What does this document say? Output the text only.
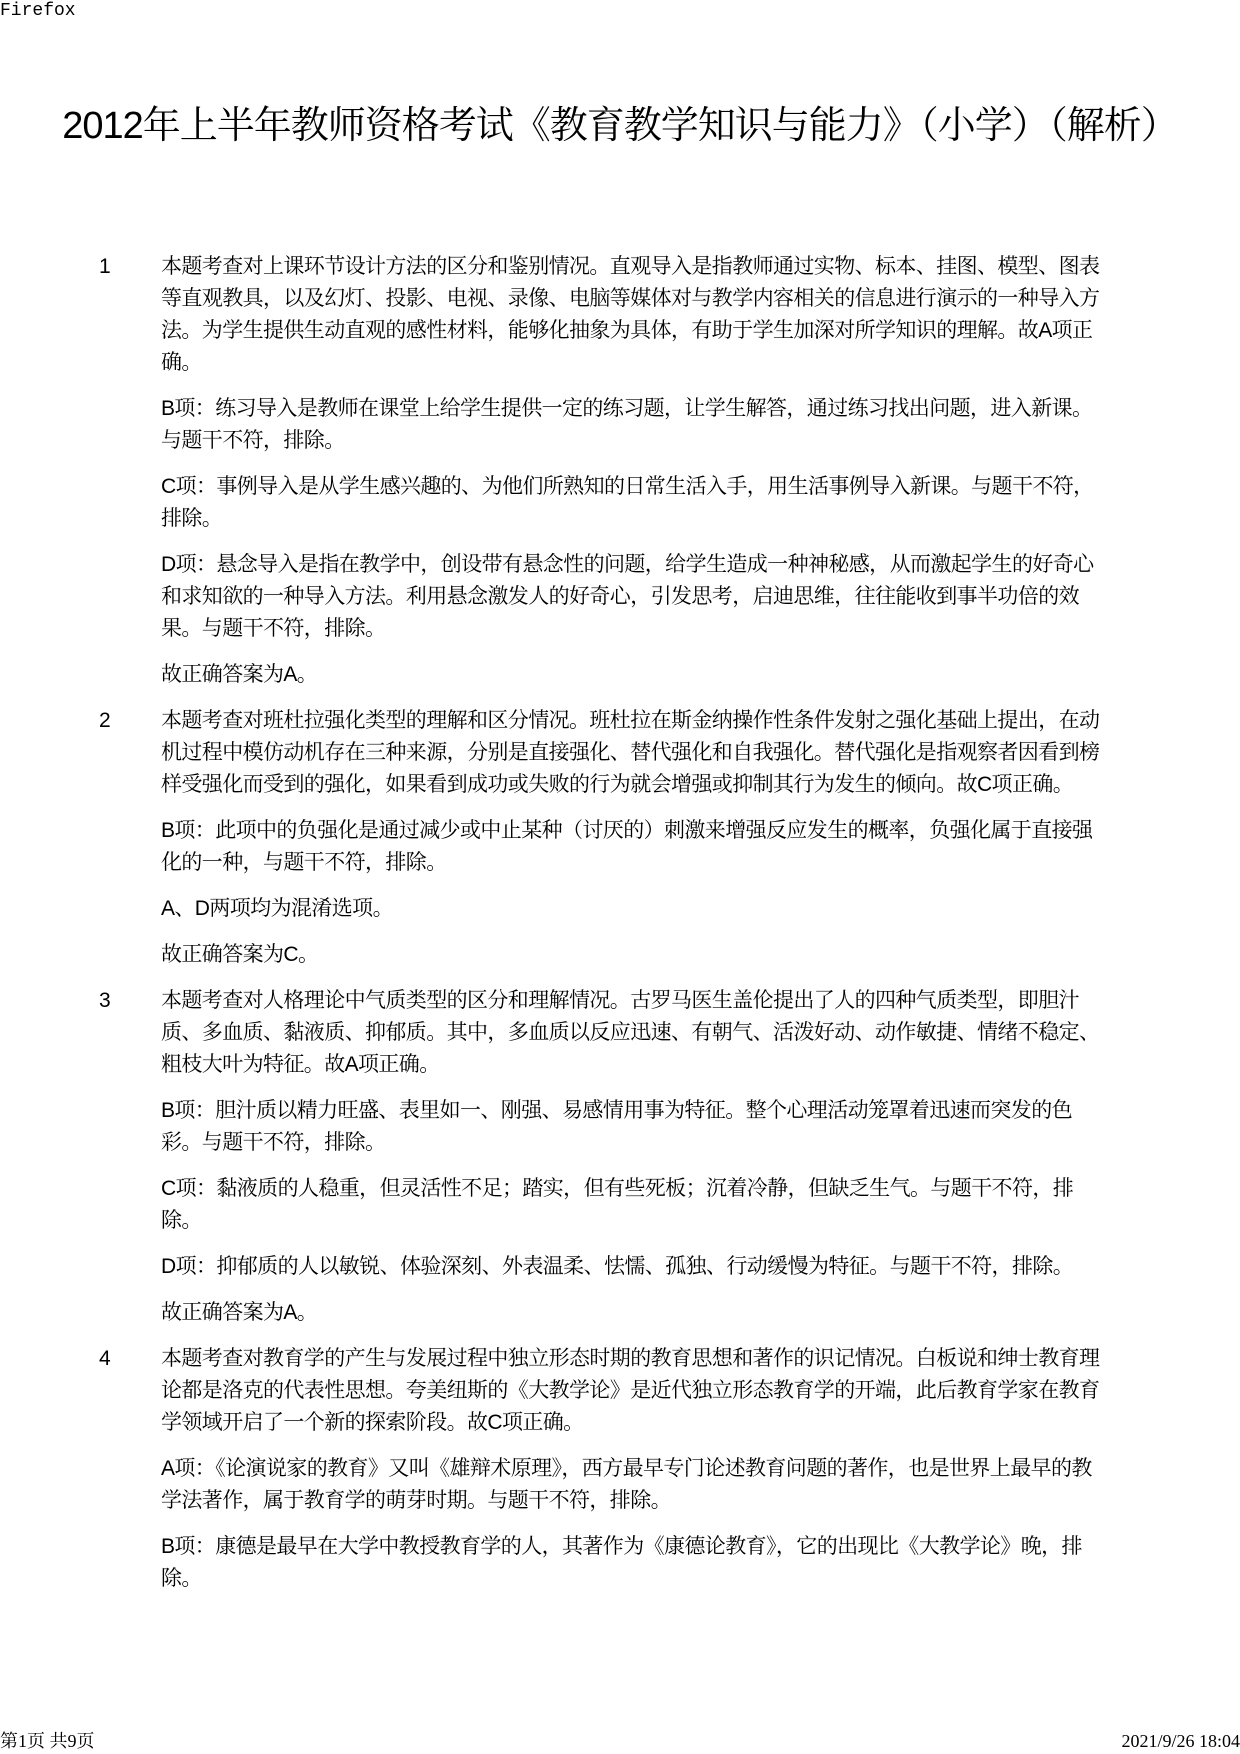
Firefox
2012年上半年教师资格考试《教育教学知识与能力》（小学）（解析）
1 本题考查对上课环节设计方法的区分和鉴别情况。直观导入是指教师通过实物、标本、挂图、模型、图表等直观教具，以及幻灯、投影、电视、录像、电脑等媒体对与教学内容相关的信息进行演示的一种导入方法。为学生提供生动直观的感性材料，能够化抽象为具体，有助于学生加深对所学知识的理解。故A项正确。

B项：练习导入是教师在课堂上给学生提供一定的练习题，让学生解答，通过练习找出问题，进入新课。与题干不符，排除。

C项：事例导入是从学生感兴趣的、为他们所熟知的日常生活入手，用生活事例导入新课。与题干不符，排除。

D项：悬念导入是指在教学中，创设带有悬念性的问题，给学生造成一种神秘感，从而激起学生的好奇心和求知欲的一种导入方法。利用悬念激发人的好奇心，引发思考，启迪思维，往往能收到事半功倍的效果。与题干不符，排除。

故正确答案为A。

2 本题考查对班杜拉强化类型的理解和区分情况。班杜拉在斯金纳操作性条件发射之强化基础上提出，在动机过程中模仿动机存在三种来源，分别是直接强化、替代强化和自我强化。替代强化是指观察者因看到榜样受强化而受到的强化，如果看到成功或失败的行为就会增强或抑制其行为发生的倾向。故C项正确。

B项：此项中的负强化是通过减少或中止某种（讨厌的）刺激来增强反应发生的概率，负强化属于直接强化的一种，与题干不符，排除。

A、D两项均为混淆选项。

故正确答案为C。

3 本题考查对人格理论中气质类型的区分和理解情况。古罗马医生盖伦提出了人的四种气质类型，即胆汁质、多血质、黏液质、抑郁质。其中，多血质以反应迅速、有朝气、活泼好动、动作敏捷、情绪不稳定、粗枝大叶为特征。故A项正确。

B项：胆汁质以精力旺盛、表里如一、刚强、易感情用事为特征。整个心理活动笼罩着迅速而突发的色彩。与题干不符，排除。

C项：黏液质的人稳重，但灵活性不足；踏实，但有些死板；沉着冷静，但缺乏生气。与题干不符，排除。

D项：抑郁质的人以敏锐、体验深刻、外表温柔、怯懦、孤独、行动缓慢为特征。与题干不符，排除。

故正确答案为A。

4 本题考查对教育学的产生与发展过程中独立形态时期的教育思想和著作的识记情况。白板说和绅士教育理论都是洛克的代表性思想。夸美纽斯的《大教学论》是近代独立形态教育学的开端，此后教育学家在教育学领域开启了一个新的探索阶段。故C项正确。

A项：《论演说家的教育》又叫《雄辩术原理》，西方最早专门论述教育问题的著作，也是世界上最早的教学法著作，属于教育学的萌芽时期。与题干不符，排除。

B项：康德是最早在大学中教授教育学的人，其著作为《康德论教育》，它的出现比《大教学论》晚，排除。

第1页 共9页	2021/9/26 18:04
